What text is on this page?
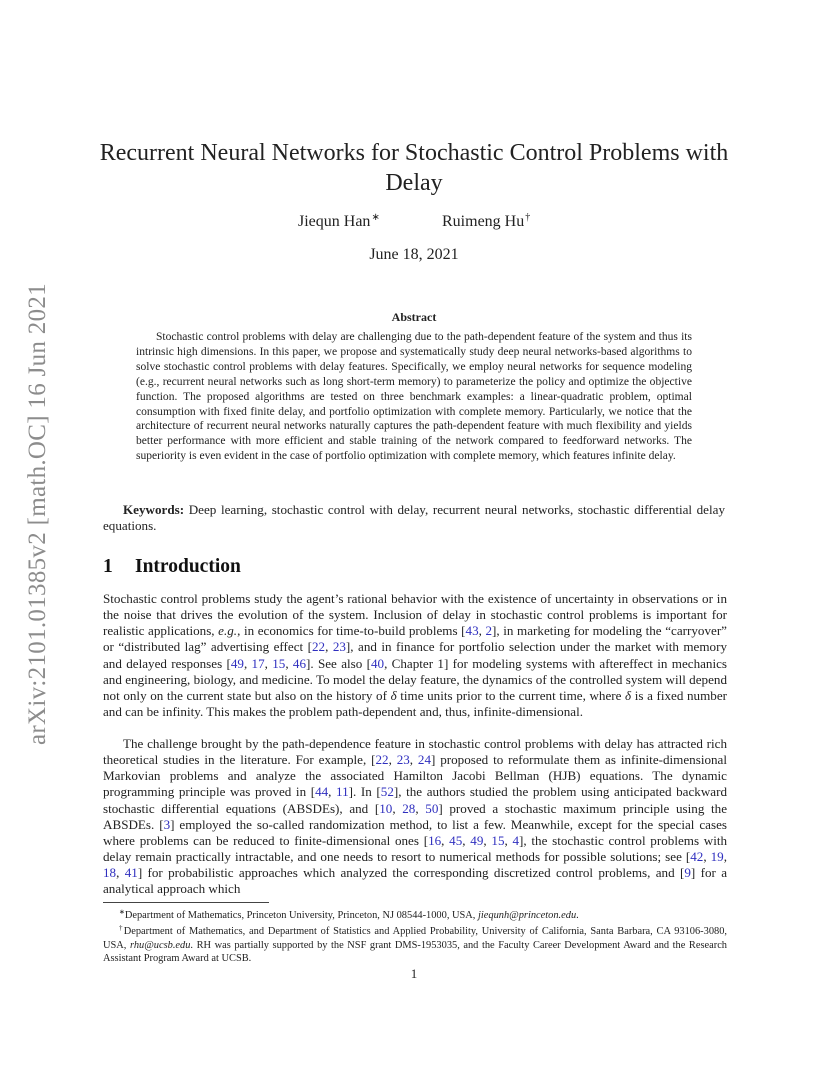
arXiv:2101.01385v2 [math.OC] 16 Jun 2021
Recurrent Neural Networks for Stochastic Control Problems with Delay
Jiequn Han∗	Ruimeng Hu†
June 18, 2021
Abstract

Stochastic control problems with delay are challenging due to the path-dependent feature of the system and thus its intrinsic high dimensions. In this paper, we propose and systematically study deep neural networks-based algorithms to solve stochastic control problems with delay features. Specifically, we employ neural networks for sequence modeling (e.g., recurrent neural networks such as long short-term memory) to parameterize the policy and optimize the objective function. The proposed algorithms are tested on three benchmark examples: a linear-quadratic problem, optimal consumption with fixed finite delay, and portfolio optimization with complete memory. Particularly, we notice that the architecture of recurrent neural networks naturally captures the path-dependent feature with much flexibility and yields better performance with more efficient and stable training of the network compared to feedforward networks. The superiority is even evident in the case of portfolio optimization with complete memory, which features infinite delay.

Keywords: Deep learning, stochastic control with delay, recurrent neural networks, stochastic differential delay equations.

1 Introduction

Stochastic control problems study the agent’s rational behavior with the existence of uncertainty in observations or in the noise that drives the evolution of the system. Inclusion of delay in stochastic control problems is important for realistic applications, e.g., in economics for time-to-build problems [43, 2], in marketing for modeling the “carryover” or “distributed lag” advertising effect [22, 23], and in finance for portfolio selection under the market with memory and delayed responses [49, 17, 15, 46]. See also [40, Chapter 1] for modeling systems with aftereffect in mechanics and engineering, biology, and medicine. To model the delay feature, the dynamics of the controlled system will depend not only on the current state but also on the history of δ time units prior to the current time, where δ is a fixed number and can be infinity. This makes the problem path-dependent and, thus, infinite-dimensional.

The challenge brought by the path-dependence feature in stochastic control problems with delay has attracted rich theoretical studies in the literature. For example, [22, 23, 24] proposed to reformulate them as infinite-dimensional Markovian problems and analyze the associated Hamilton Jacobi Bellman (HJB) equations. The dynamic programming principle was proved in [44, 11]. In [52], the authors studied the problem using anticipated backward stochastic differential equations (ABSDEs), and [10, 28, 50] proved a stochastic maximum principle using the ABSDEs. [3] employed the so-called randomization method, to list a few. Meanwhile, except for the special cases where problems can be reduced to finite-dimensional ones [16, 45, 49, 15, 4], the stochastic control problems with delay remain practically intractable, and one needs to resort to numerical methods for possible solutions; see [42, 19, 18, 41] for probabilistic approaches which analyzed the corresponding discretized control problems, and [9] for a analytical approach which

∗Department of Mathematics, Princeton University, Princeton, NJ 08544-1000, USA, jiequnh@princeton.edu.

†Department of Mathematics, and Department of Statistics and Applied Probability, University of California, Santa Barbara, CA 93106-3080, USA, rhu@ucsb.edu. RH was partially supported by the NSF grant DMS-1953035, and the Faculty Career Development Award and the Research Assistant Program Award at UCSB.

1
